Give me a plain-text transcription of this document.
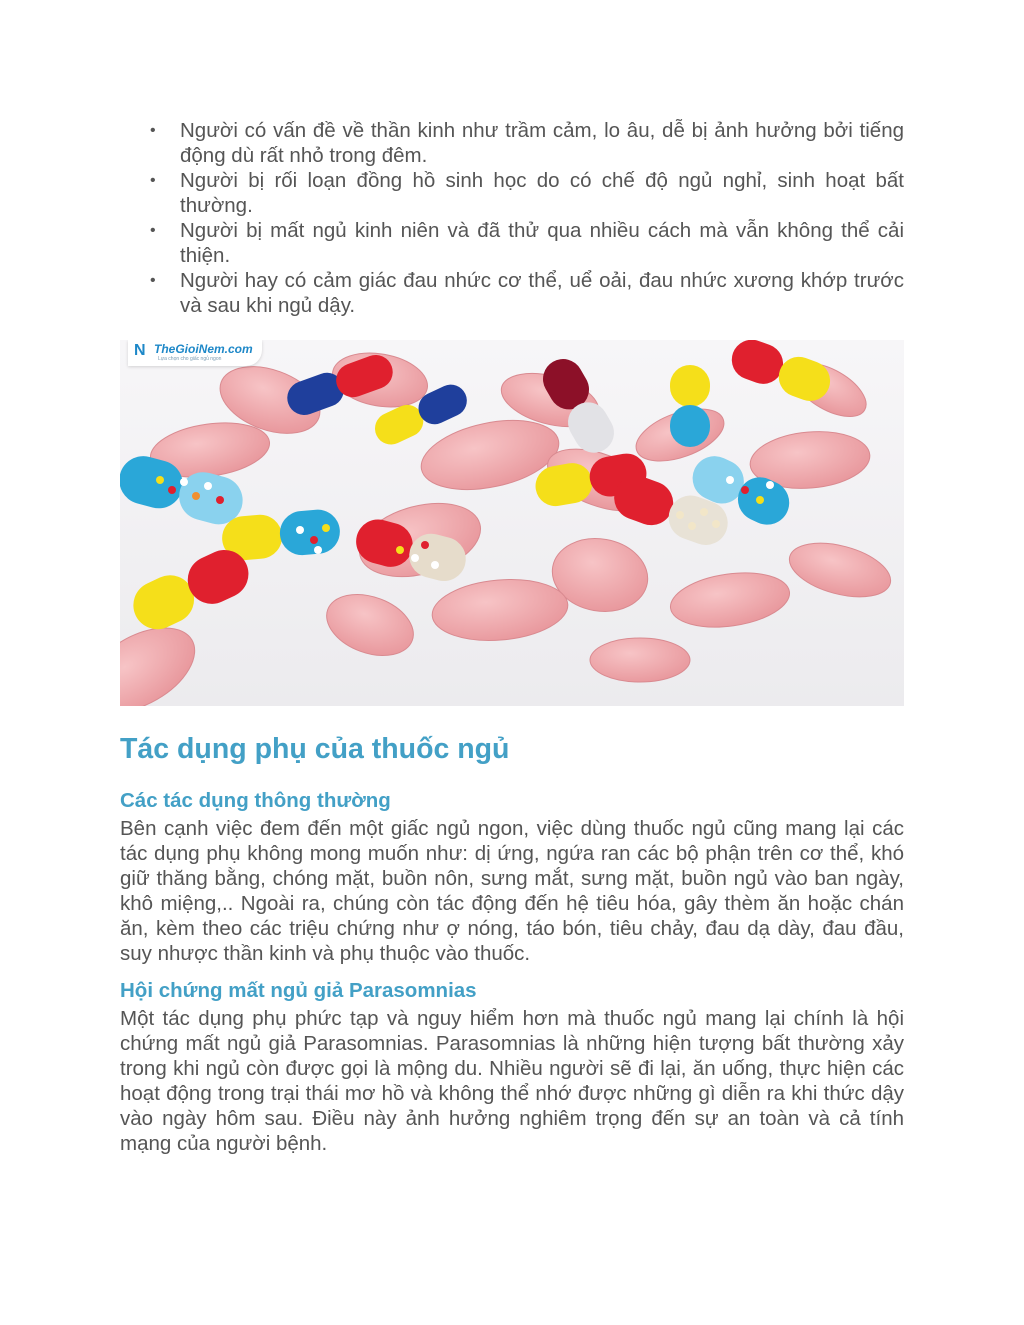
• Người có vấn đề về thần kinh như trầm cảm, lo âu, dễ bị ảnh hưởng bởi tiếng động dù rất nhỏ trong đêm.
• Người bị rối loạn đồng hồ sinh học do có chế độ ngủ nghỉ, sinh hoạt bất thường.
• Người bị mất ngủ kinh niên và đã thử qua nhiều cách mà vẫn không thể cải thiện.
• Người hay có cảm giác đau nhức cơ thể, uể oải, đau nhức xương khớp trước và sau khi ngủ dậy.
N TheGioiNem.com
Lựa chọn cho giấc ngủ ngon
Tác dụng phụ của thuốc ngủ
Các tác dụng thông thường

Bên cạnh việc đem đến một giấc ngủ ngon, việc dùng thuốc ngủ cũng mang lại các tác dụng phụ không mong muốn như: dị ứng, ngứa ran các bộ phận trên cơ thể, khó giữ thăng bằng, chóng mặt, buồn nôn, sưng mắt, sưng mặt, buồn ngủ vào ban ngày, khô miệng,.. Ngoài ra, chúng còn tác động đến hệ tiêu hóa, gây thèm ăn hoặc chán ăn, kèm theo các triệu chứng như ợ nóng, táo bón, tiêu chảy, đau dạ dày, đau đầu, suy nhược thần kinh và phụ thuộc vào thuốc.

Hội chứng mất ngủ giả Parasomnias

Một tác dụng phụ phức tạp và nguy hiểm hơn mà thuốc ngủ mang lại chính là hội chứng mất ngủ giả Parasomnias. Parasomnias là những hiện tượng bất thường xảy trong khi ngủ còn được gọi là mộng du. Nhiều người sẽ đi lại, ăn uống, thực hiện các hoạt động trong trại thái mơ hồ và không thể nhớ được những gì diễn ra khi thức dậy vào ngày hôm sau. Điều này ảnh hưởng nghiêm trọng đến sự an toàn và cả tính mạng của người bệnh.
